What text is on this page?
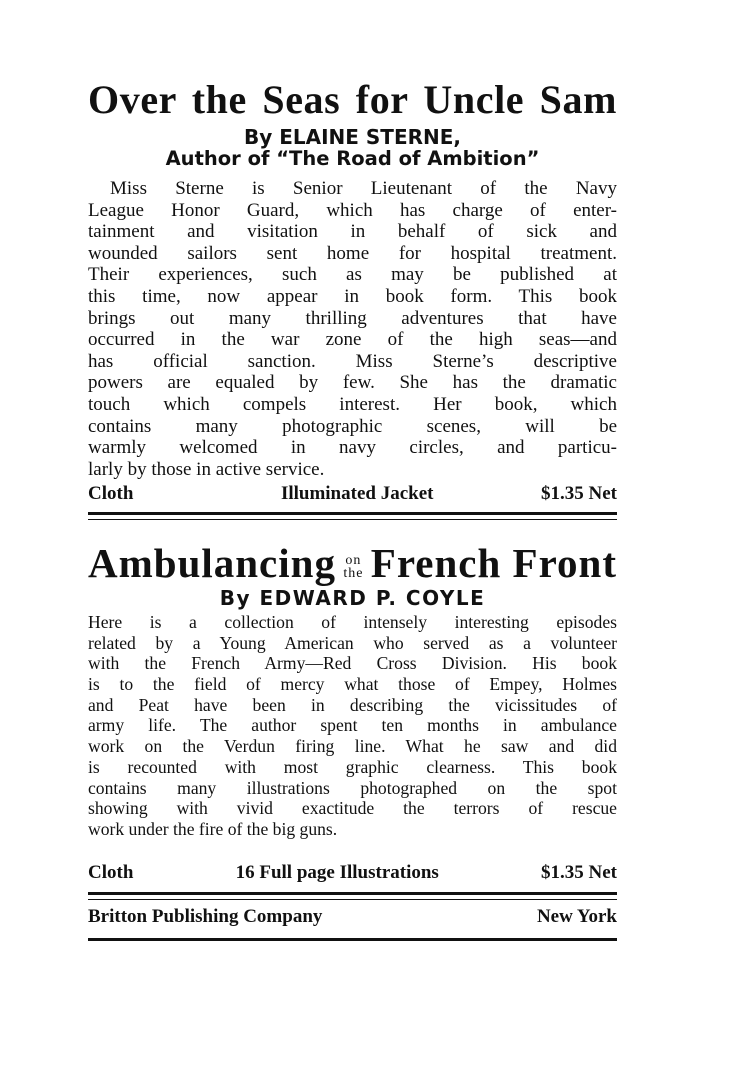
Over the Seas for Uncle Sam
By ELAINE STERNE,
Author of “The Road of Ambition”
Miss Sterne is Senior Lieutenant of the Navy
League Honor Guard, which has charge of enter-
tainment and visitation in behalf of sick and
wounded sailors sent home for hospital treatment.
Their experiences, such as may be published at
this time, now appear in book form. This book
brings out many thrilling adventures that have
occurred in the war zone of the high seas—and
has official sanction. Miss Sterne’s descriptive
powers are equaled by few. She has the dramatic
touch which compels interest. Her book, which
contains many photographic scenes, will be
warmly welcomed in navy circles, and particu-
larly by those in active service.
Cloth	Illuminated Jacket	$1.35 Net
Ambulancing on
the French Front
By EDWARD P. COYLE
Here is a collection of intensely interesting episodes
related by a Young American who served as a volunteer
with the French Army—Red Cross Division. His book
is to the field of mercy what those of Empey, Holmes
and Peat have been in describing the vicissitudes of
army life. The author spent ten months in ambulance
work on the Verdun firing line. What he saw and did
is recounted with most graphic clearness. This book
contains many illustrations photographed on the spot
showing with vivid exactitude the terrors of rescue
work under the fire of the big guns.
Cloth	16 Full page Illustrations	$1.35 Net
Britton Publishing Company	New York
